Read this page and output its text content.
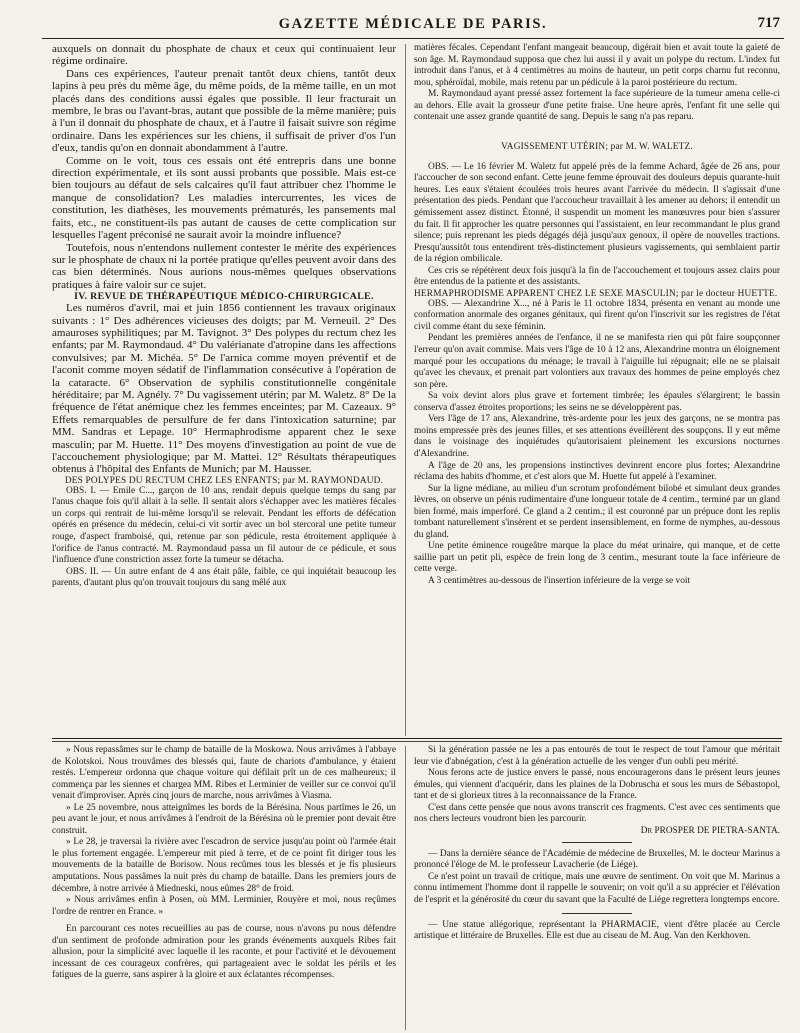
GAZETTE MÉDICALE DE PARIS.	717

auxquels on donnait du phosphate de chaux et ceux qui continuaient leur régime ordinaire.

Dans ces expériences, l'auteur prenait tantôt deux chiens, tantôt deux lapins à peu près du même âge, du même poids, de la même taille, en un mot placés dans des conditions aussi égales que possible. Il leur fracturait un membre, le bras ou l'avant-bras, autant que possible de la même manière; puis à l'un il donnait du phosphate de chaux, et à l'autre il faisait suivre son régime ordinaire. Dans les expériences sur les chiens, il suffisait de priver d'os l'un d'eux, tandis qu'on en donnait abondamment à l'autre.

Comme on le voit, tous ces essais ont été entrepris dans une bonne direction expérimentale, et ils sont aussi probants que possible. Mais est-ce bien toujours au défaut de sels calcaires qu'il faut attribuer chez l'homme le manque de consolidation? Les maladies intercurrentes, les vices de constitution, les diathèses, les mouvements prématurés, les pansements mal faits, etc., ne constituent-ils pas autant de causes de cette complication sur lesquelles l'agent préconisé ne saurait avoir la moindre influence?

Toutefois, nous n'entendons nullement contester le mérite des expériences sur le phosphate de chaux ni la portée pratique qu'elles peuvent avoir dans des cas bien déterminés. Nous aurions nous-mêmes quelques observations pratiques à faire valoir sur ce sujet.

IV. REVUE DE THÉRAPEUTIQUE MÉDICO-CHIRURGICALE.

Les numéros d'avril, mai et juin 1856 contiennent les travaux originaux suivants : 1° Des adhérences vicieuses des doigts; par M. Verneuil. 2° Des amauroses syphilitiques; par M. Tavignot. 3° Des polypes du rectum chez les enfants; par M. Raymondaud. 4° Du valérianate d'atropine dans les affections convulsives; par M. Michéa. 5° De l'arnica comme moyen préventif et de l'aconit comme moyen sédatif de l'inflammation consécutive à l'opération de la cataracte. 6° Observation de syphilis constitutionnelle congénitale héréditaire; par M. Agnély. 7° Du vagissement utérin; par M. Waletz. 8° De la fréquence de l'état anémique chez les femmes enceintes; par M. Cazeaux. 9° Effets remarquables de persulfure de fer dans l'intoxication saturnine; par MM. Sandras et Lepage. 10° Hermaphrodisme apparent chez le sexe masculin; par M. Huette. 11° Des moyens d'investigation au point de vue de l'accouchement physiologique; par M. Mattei. 12° Résultats thérapeutiques obtenus à l'hôpital des Enfants de Munich; par M. Hausser.

DES POLYPES DU RECTUM CHEZ LES ENFANTS; par M. RAYMONDAUD.

OBS. I. — Emile C..., garçon de 10 ans, rendait depuis quelque temps du sang par l'anus chaque fois qu'il allait à la selle. Il sentait alors s'échapper avec les matières fécales un corps qui rentrait de lui-même lorsqu'il se relevait. Pendant les efforts de défécation opérés en présence du médecin, celui-ci vit sortir avec un bol stercoral une petite tumeur rouge, d'aspect framboisé, qui, retenue par son pédicule, resta étroitement appliquée à l'orifice de l'anus contracté. M. Raymondaud passa un fil autour de ce pédicule, et sous l'influence d'une constriction assez forte la tumeur se détacha.

OBS. II. — Un autre enfant de 4 ans était pâle, faible, ce qui inquiétait beaucoup les parents, d'autant plus qu'on trouvait toujours du sang mêlé aux

matières fécales. Cependant l'enfant mangeait beaucoup, digérait bien et avait toute la gaieté de son âge. M. Raymondaud supposa que chez lui aussi il y avait un polype du rectum. L'index fut introduit dans l'anus, et à 4 centimètres au moins de hauteur, un petit corps charnu fut reconnu, mou, sphéroïdal, mobile, mais retenu par un pédicule à la paroi postérieure du rectum.

M. Raymondaud ayant pressé assez fortement la face supérieure de la tumeur amena celle-ci au dehors. Elle avait la grosseur d'une petite fraise. Une heure après, l'enfant fit une selle qui contenait une assez grande quantité de sang. Depuis le sang n'a pas reparu.

VAGISSEMENT UTÉRIN; par M. W. WALETZ.

OBS. — Le 16 février M. Waletz fut appelé près de la femme Achard, âgée de 26 ans, pour l'accoucher de son second enfant. Cette jeune femme éprouvait des douleurs depuis quarante-huit heures. Les eaux s'étaient écoulées trois heures avant l'arrivée du médecin. Il s'agissait d'une présentation des pieds. Pendant que l'accoucheur travaillait à les amener au dehors; il entendit un gémissement assez distinct. Étonné, il suspendit un moment les manœuvres pour bien s'assurer du fait. Il fit approcher les quatre personnes qui l'assistaient, en leur recommandant le plus grand silence; puis reprenant les pieds dégagés déjà jusqu'aux genoux, il opère de nouvelles tractions. Presqu'aussitôt tous entendirent très-distinctement plusieurs vagissements, qui semblaient partir de la région ombilicale.

Ces cris se répétèrent deux fois jusqu'à la fin de l'accouchement et toujours assez clairs pour être entendus de la patiente et des assistants.

HERMAPHRODISME APPARENT CHEZ LE SEXE MASCULIN; par le docteur HUETTE.

OBS. — Alexandrine X..., né à Paris le 11 octobre 1834, présenta en venant au monde une conformation anormale des organes génitaux, qui firent qu'on l'inscrivit sur les registres de l'état civil comme étant du sexe féminin.

Pendant les premières années de l'enfance, il ne se manifesta rien qui pût faire soupçonner l'erreur qu'on avait commise. Mais vers l'âge de 10 à 12 ans, Alexandrine montra un éloignement marqué pour les occupations du ménage; le travail à l'aiguille lui répugnait; elle ne se plaisait qu'avec les chevaux, et prenait part volontiers aux travaux des hommes de peine employés chez son père.

Sa voix devint alors plus grave et fortement timbrée; les épaules s'élargirent; le bassin conserva d'assez étroites proportions; les seins ne se développèrent pas.

Vers l'âge de 17 ans, Alexandrine, très-ardente pour les jeux des garçons, ne se montra pas moins empressée près des jeunes filles, et ses attentions éveillèrent des soupçons. Il y eut même dans le voisinage des inquiétudes qu'autorisaient pleinement les excursions nocturnes d'Alexandrine.

A l'âge de 20 ans, les propensions instinctives devinrent encore plus fortes; Alexandrine réclama des habits d'homme, et c'est alors que M. Huette fut appelé à l'examiner.

Sur la ligne médiane, au milieu d'un scrotum profondément bilobé et simulant deux grandes lèvres, on observe un pénis rudimentaire d'une longueur totale de 4 centim., terminé par un gland bien formé, mais imperforé. Ce gland a 2 centim.; il est couronné par un prépuce dont les replis tombant naturellement s'insèrent et se perdent insensiblement, en forme de nymphes, au-dessous du gland.

Une petite éminence rougeâtre marque la place du méat urinaire, qui manque, et de cette saillie part un petit pli, espèce de frein long de 3 centim., mesurant toute la face inférieure de cette verge.

A 3 centimètres au-dessous de l'insertion inférieure de la verge se voit

» Nous repassâmes sur le champ de bataille de la Moskowa. Nous arrivâmes à l'abbaye de Kolotskoi. Nous trouvâmes des blessés qui, faute de chariots d'ambulance, y étaient restés. L'empereur ordonna que chaque voiture qui défilait prît un de ces malheureux; il commença par les siennes et chargea MM. Ribes et Lerminier de veiller sur ce convoi qu'il venait d'improviser. Après cinq jours de marche, nous arrivâmes à Viasma.

» Le 25 novembre, nous atteignîmes les bords de la Bérésina. Nous partîmes le 26, un peu avant le jour, et nous arrivâmes à l'endroit de la Bérésina où le premier pont devait être construit.

» Le 28, je traversai la rivière avec l'escadron de service jusqu'au point où l'armée était le plus fortement engagée. L'empereur mit pied à terre, et de ce point fit diriger tous les mouvements de la bataille de Borisow. Nous recûmes tous les blessés et je fis plusieurs amputations. Nous passâmes la nuit près du champ de bataille. Dans les premiers jours de décembre, à notre arrivée à Miedneski, nous eûmes 28° de froid.

» Nous arrivâmes enfin à Posen, où MM. Lerminier, Rouyère et moi, nous reçûmes l'ordre de rentrer en France. »

En parcourant ces notes recueillies au pas de course, nous n'avons pu nous défendre d'un sentiment de profonde admiration pour les grands événements auxquels Ribes fait allusion, pour la simplicité avec laquelle il les raconte, et pour l'activité et le dévouement incessant de ces courageux confrères, qui partageaient avec le soldat les périls et les fatigues de la guerre, sans aspirer à la gloire et aux éclatantes récompenses.

Si la génération passée ne les a pas entourés de tout le respect de tout l'amour que méritait leur vie d'abnégation, c'est à la génération actuelle de les venger d'un oubli peu mérité.

Nous ferons acte de justice envers le passé, nous encouragerons dans le présent leurs jeunes émules, qui viennent d'acquérir, dans les plaines de la Dobruscha et sous les murs de Sébastopol, tant et de si glorieux titres à la reconnaissance de la France.

C'est dans cette pensée que nous avons transcrit ces fragments. C'est avec ces sentiments que nos chers lecteurs voudront bien les parcourir.

Dr PROSPER DE PIETRA-SANTA.

— Dans la dernière séance de l'Académie de médecine de Bruxelles, M. le docteur Marinus a prononcé l'éloge de M. le professeur Lavacherie (de Liége).

Ce n'est point un travail de critique, mais une œuvre de sentiment. On voit que M. Marinus a connu intimement l'homme dont il rappelle le souvenir; on voit qu'il a su apprécier et l'élévation de l'esprit et la générosité du cœur du savant que la Faculté de Liége regrettera longtemps encore.

— Une statue allégorique, représentant la PHARMACIE, vient d'être placée au Cercle artistique et littéraire de Bruxelles. Elle est due au ciseau de M. Aug. Van den Kerkhoven.
